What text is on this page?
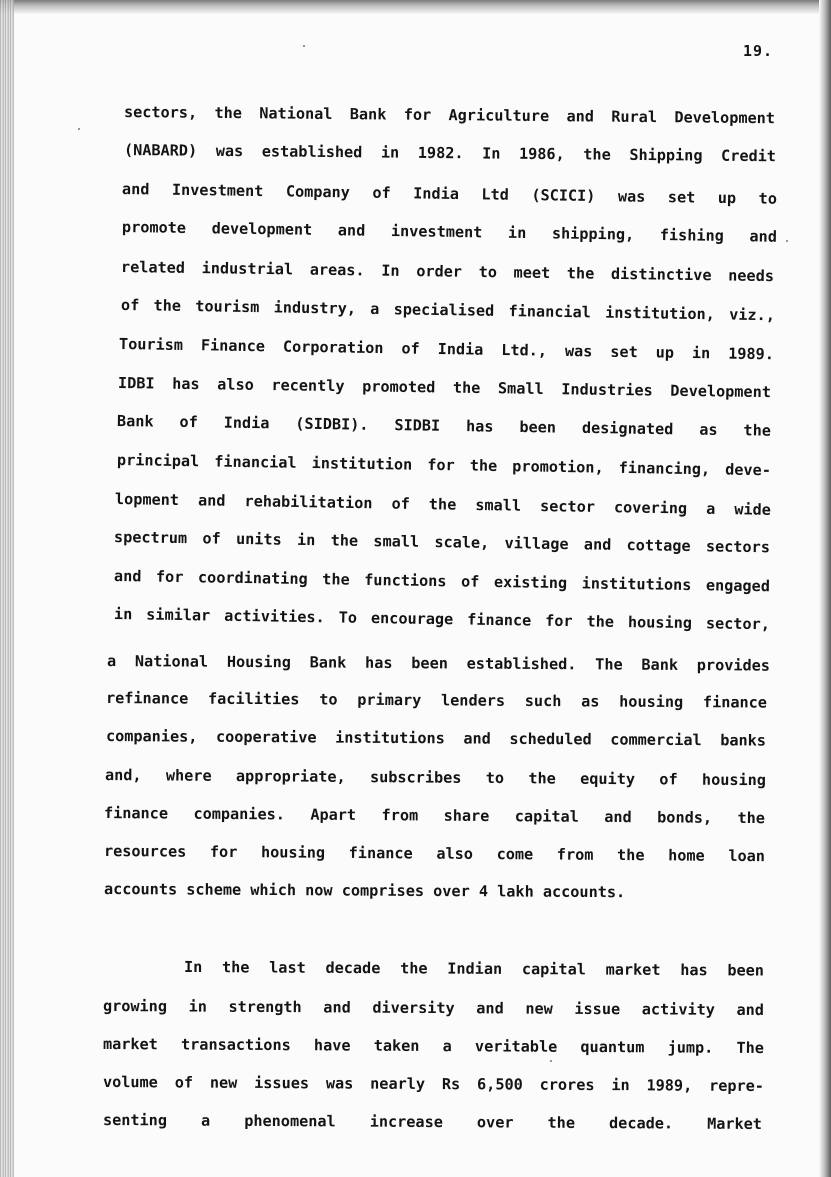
19.

sectors, the National Bank for Agriculture and Rural Development

(NABARD) was established in 1982. In 1986, the Shipping Credit

and Investment Company of India Ltd (SCICI) was set up to

promote development and investment in shipping, fishing and

related industrial areas. In order to meet the distinctive needs

of the tourism industry, a specialised financial institution, viz.,

Tourism Finance Corporation of India Ltd., was set up in 1989.

IDBI has also recently promoted the Small Industries Development

Bank of India (SIDBI). SIDBI has been designated as the

principal financial institution for the promotion, financing, deve-

lopment and rehabilitation of the small sector covering a wide

spectrum of units in the small scale, village and cottage sectors

and for coordinating the functions of existing institutions engaged

in similar activities. To encourage finance for the housing sector,

a National Housing Bank has been established. The Bank provides

refinance facilities to primary lenders such as housing finance

companies, cooperative institutions and scheduled commercial banks

and, where appropriate, subscribes to the equity of housing

finance companies. Apart from share capital and bonds, the

resources for housing finance also come from the home loan

accounts scheme which now comprises over 4 lakh accounts.

In the last decade the Indian capital market has been

growing in strength and diversity and new issue activity and

market transactions have taken a veritable quantum jump. The

volume of new issues was nearly Rs 6,500 crores in 1989, repre-

senting a phenomenal increase over the decade. Market
